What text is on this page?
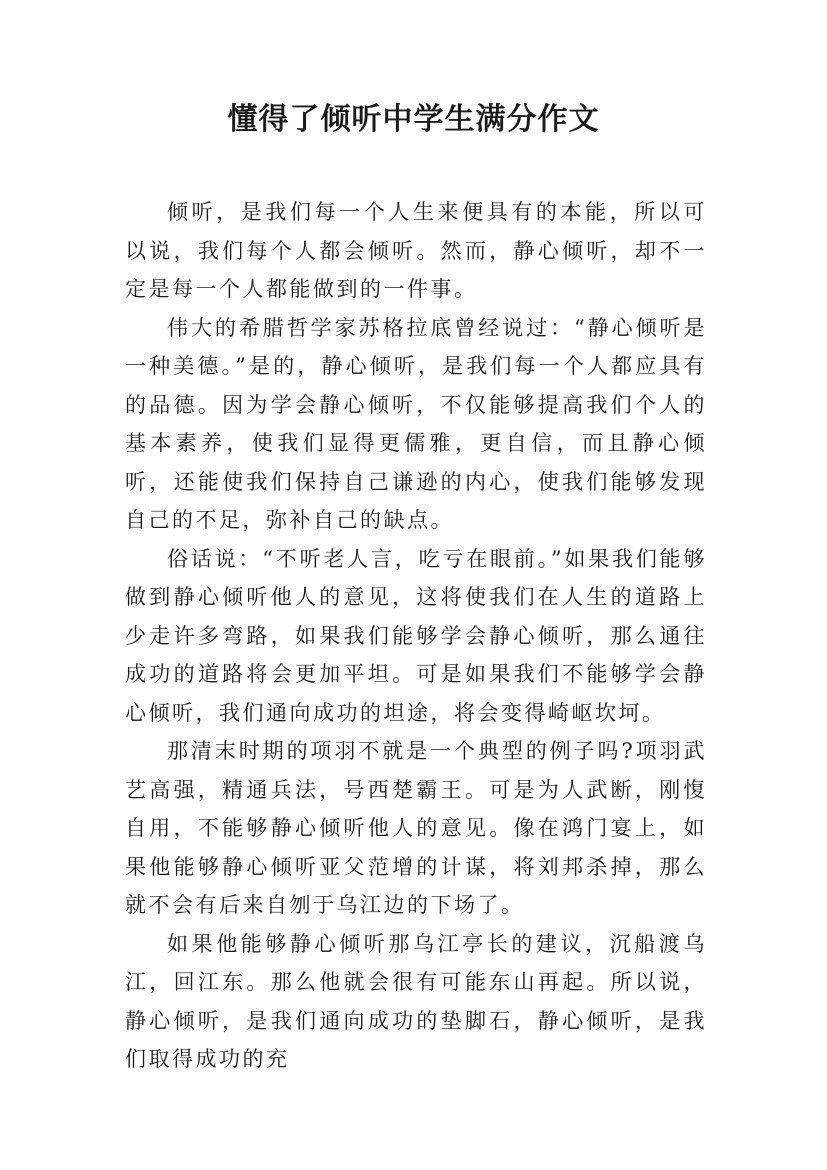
懂得了倾听中学生满分作文

倾听，是我们每一个人生来便具有的本能，所以可以说，我们每个人都会倾听。然而，静心倾听，却不一定是每一个人都能做到的一件事。

伟大的希腊哲学家苏格拉底曾经说过：“静心倾听是一种美德。”是的，静心倾听，是我们每一个人都应具有的品德。因为学会静心倾听，不仅能够提高我们个人的基本素养，使我们显得更儒雅，更自信，而且静心倾听，还能使我们保持自己谦逊的内心，使我们能够发现自己的不足，弥补自己的缺点。

俗话说：“不听老人言，吃亏在眼前。”如果我们能够做到静心倾听他人的意见，这将使我们在人生的道路上少走许多弯路，如果我们能够学会静心倾听，那么通往成功的道路将会更加平坦。可是如果我们不能够学会静心倾听，我们通向成功的坦途，将会变得崎岖坎坷。

那清末时期的项羽不就是一个典型的例子吗?项羽武艺高强，精通兵法，号西楚霸王。可是为人武断，刚愎自用，不能够静心倾听他人的意见。像在鸿门宴上，如果他能够静心倾听亚父范增的计谋，将刘邦杀掉，那么就不会有后来自刎于乌江边的下场了。

如果他能够静心倾听那乌江亭长的建议，沉船渡乌江，回江东。那么他就会很有可能东山再起。所以说，静心倾听，是我们通向成功的垫脚石，静心倾听，是我们取得成功的充
